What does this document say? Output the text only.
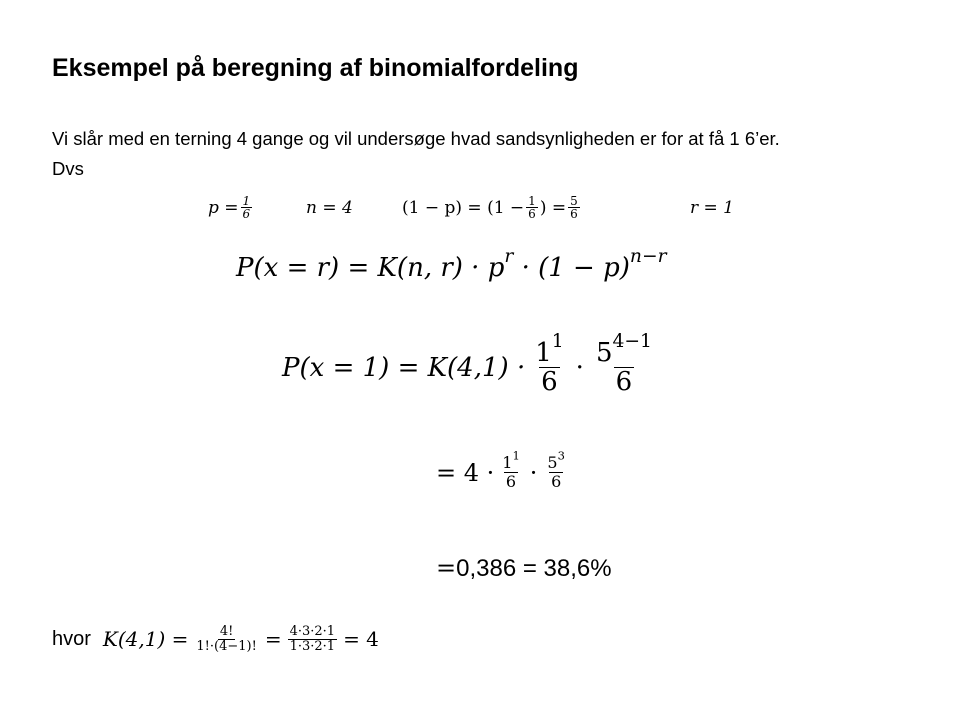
Eksempel på beregning af binomialfordeling
Vi slår med en terning 4 gange og vil undersøge hvad sandsynligheden er for at få 1 6’er.
Dvs
$p = \frac{1}{6}$	n = 4	$(1 - p) = (1 - \frac{1}{6}$ ) = $\frac{5}{6}$	r = 1
P(x = r) = K(n, $r) \cdot p^r \cdot (1 - p)^{n-r}$
$P(x = 1) = K(4,1) \cdot \frac{1^1}{6} \cdot \frac{5^{4-1}}{6}$
= $4 \cdot \frac{1^1}{6} \cdot \frac{5^3}{6}$
=0,386 = 38,6%
hvor $K(4,1) = \frac{4!}{1!\cdot(4-1)!} = \frac{4\cdot 3\cdot 2\cdot 1}{1\cdot 3\cdot 2\cdot 1} = 4$
